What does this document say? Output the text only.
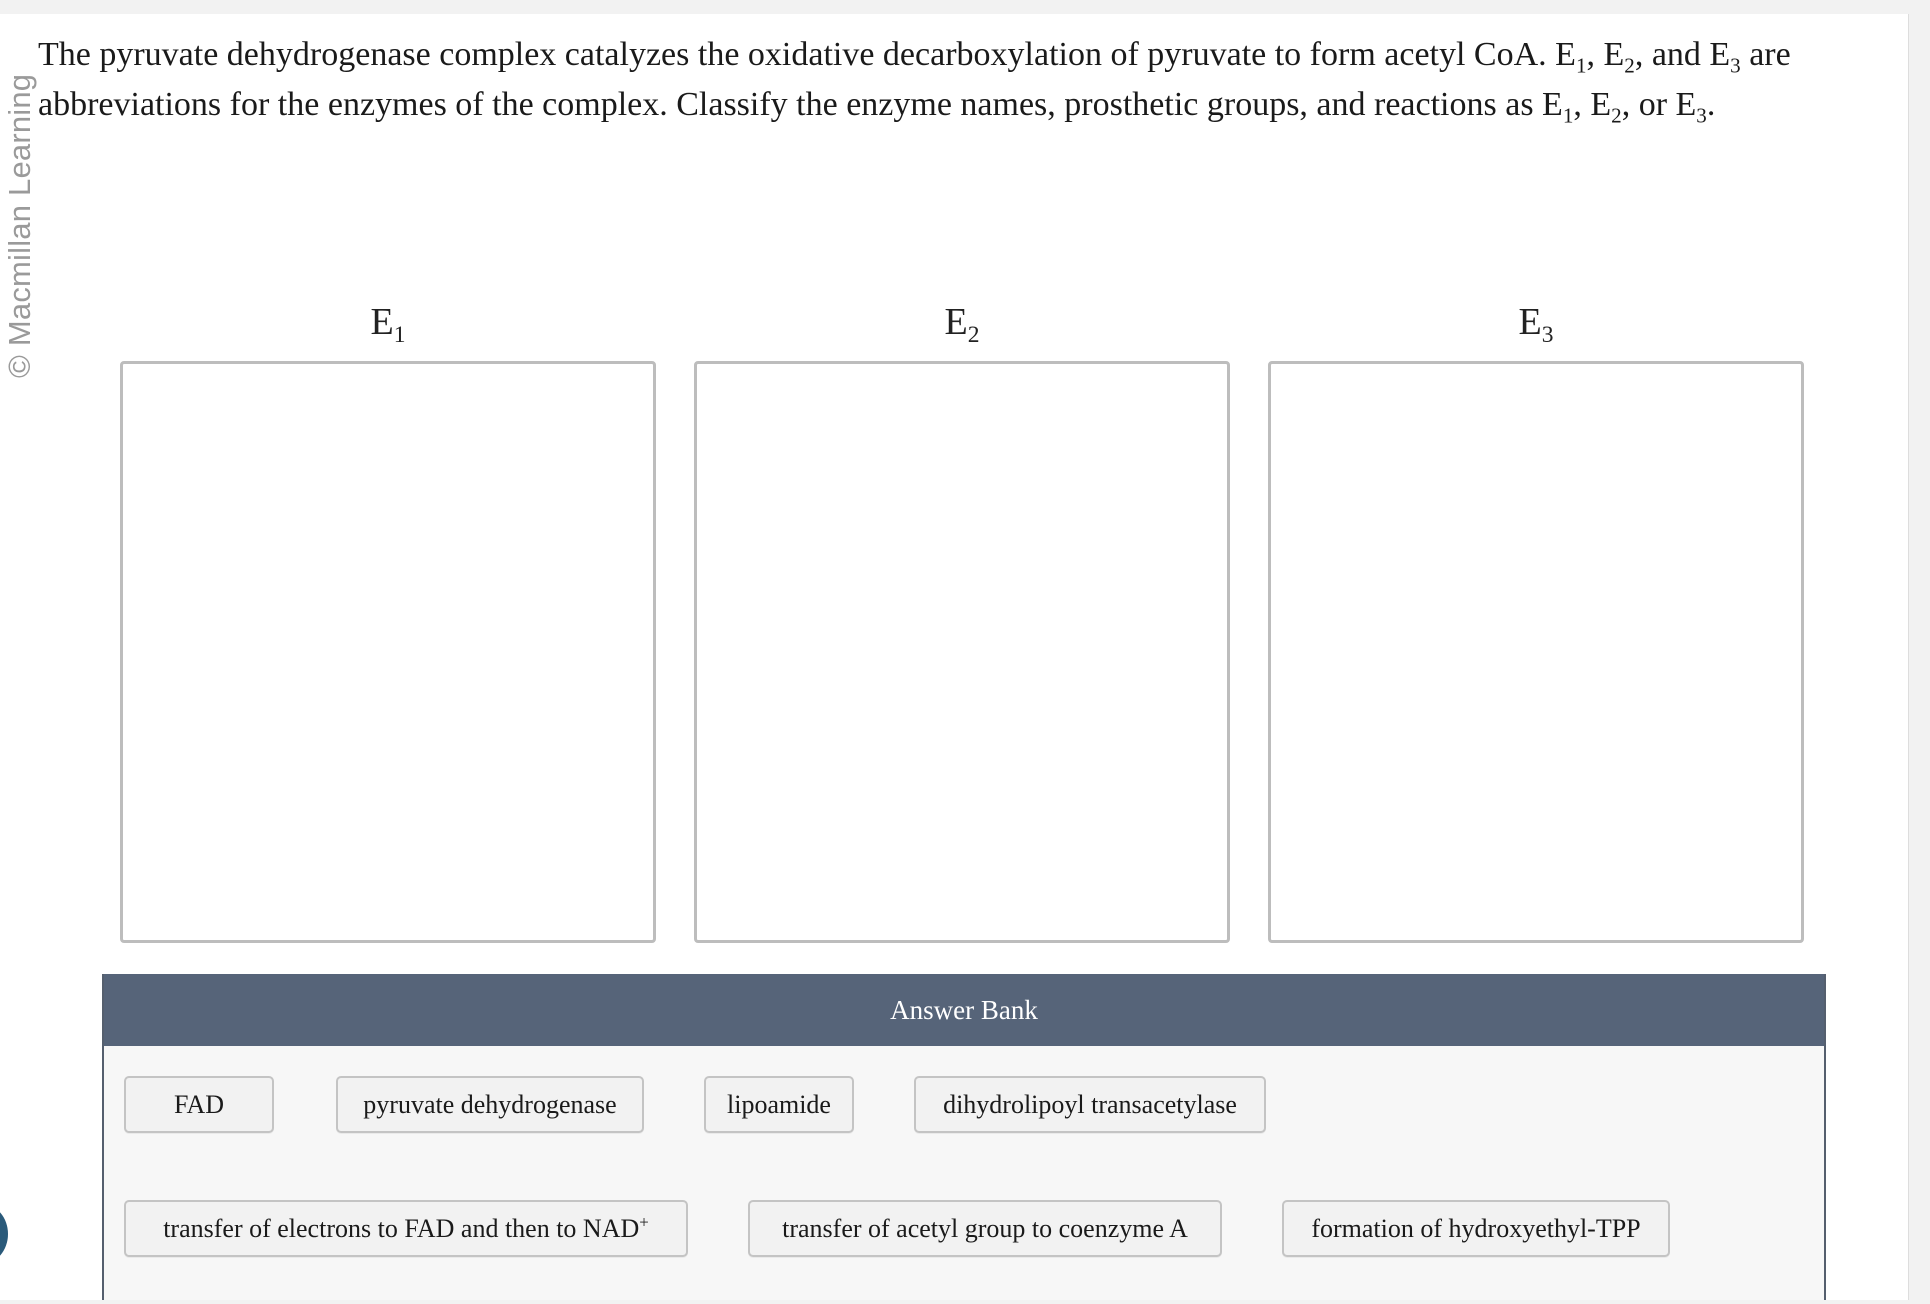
© Macmillan Learning

The pyruvate dehydrogenase complex catalyzes the oxidative decarboxylation of pyruvate to form acetyl CoA. $E_1$, $E_2$, and $E_3$ are abbreviations for the enzymes of the complex. Classify the enzyme names, prosthetic groups, and reactions as $E_1$, $E_2$, or $E_3$.

$E_1$	$E_2$	$E_3$
Answer Bank
FAD	pyruvate dehydrogenase	lipoamide	dihydrolipoyl transacetylase
transfer of electrons to FAD and then to NAD+	transfer of acetyl group to coenzyme A	formation of hydroxyethyl-TPP
